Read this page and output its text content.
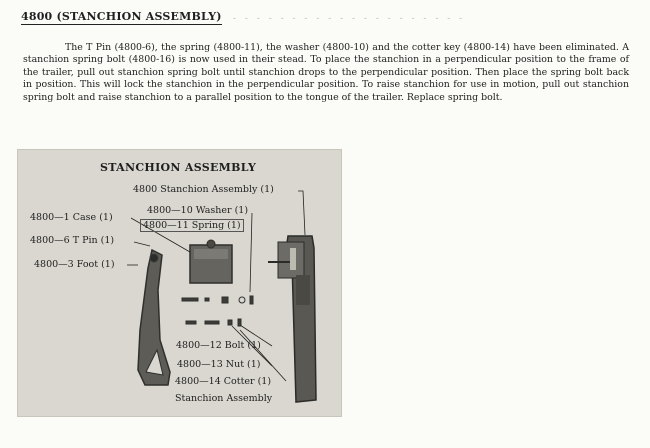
4800 (STANCHION ASSEMBLY) - - - - - - - - - - - - - - - - - - - -

The T Pin (4800-6), the spring (4800-11), the washer (4800-10) and the cotter key (4800-14) have been eliminated. A stanchion spring bolt (4800-16) is now used in their stead. To place the stanchion in a perpendicular position to the frame of the trailer, pull out stanchion spring bolt until stanchion drops to the perpendicular position. Then place the spring bolt back in position. This will lock the stanchion in the perpendicular position. To raise stanchion for use in motion, pull out stanchion spring bolt and raise stanchion to a parallel position to the tongue of the trailer. Replace spring bolt.

STANCHION ASSEMBLY
4800 Stanchion Assembly (1)
4800—10 Washer (1)
4800—11 Spring (1)
4800—1 Case (1)
4800—6 T Pin (1)
4800—3 Foot (1)
4800—12 Bolt (1)
4800—13 Nut (1)
4800—14 Cotter (1)
Stanchion Assembly
